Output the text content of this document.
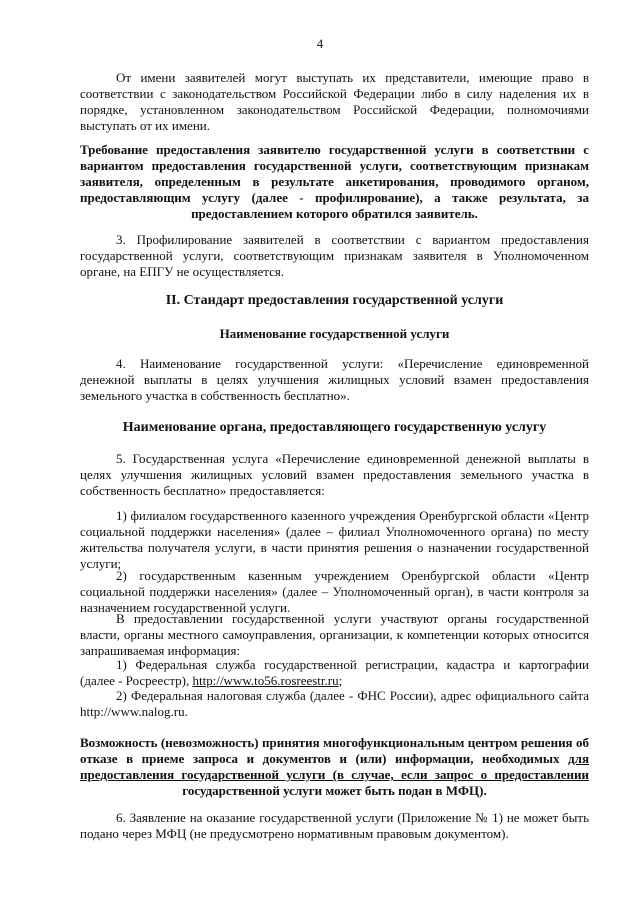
4

От имени заявителей могут выступать их представители, имеющие право в соответствии с законодательством Российской Федерации либо в силу наделения их в порядке, установленном законодательством Российской Федерации, полномочиями выступать от их имени.

Требование предоставления заявителю государственной услуги в соответствии с вариантом предоставления государственной услуги, соответствующим признакам заявителя, определенным в результате анкетирования, проводимого органом, предоставляющим услугу (далее - профилирование), а также результата, за предоставлением которого обратился заявитель.

3. Профилирование заявителей в соответствии с вариантом предоставления государственной услуги, соответствующим признакам заявителя в Уполномоченном органе, на ЕПГУ не осуществляется.

II. Стандарт предоставления государственной услуги

Наименование государственной услуги

4. Наименование государственной услуги: «Перечисление единовременной денежной выплаты в целях улучшения жилищных условий взамен предоставления земельного участка в собственность бесплатно».

Наименование органа, предоставляющего государственную услугу

5. Государственная услуга «Перечисление единовременной денежной выплаты в целях улучшения жилищных условий взамен предоставления земельного участка в собственность бесплатно» предоставляется:

1) филиалом государственного казенного учреждения Оренбургской области «Центр социальной поддержки населения» (далее – филиал Уполномоченного органа) по месту жительства получателя услуги, в части принятия решения о назначении государственной услуги;

2) государственным казенным учреждением Оренбургской области «Центр социальной поддержки населения» (далее – Уполномоченный орган), в части контроля за назначением государственной услуги.

В предоставлении государственной услуги участвуют органы государственной власти, органы местного самоуправления, организации, к компетенции которых относится запрашиваемая информация:

1) Федеральная служба государственной регистрации, кадастра и картографии (далее - Росреестр), http://www.to56.rosreestr.ru;

2) Федеральная налоговая служба (далее - ФНС России), адрес официального сайта http://www.nalog.ru.

Возможность (невозможность) принятия многофункциональным центром решения об отказе в приеме запроса и документов и (или) информации, необходимых для предоставления государственной услуги (в случае, если запрос о предоставлении государственной услуги может быть подан в МФЦ).

6. Заявление на оказание государственной услуги (Приложение № 1) не может быть подано через МФЦ (не предусмотрено нормативным правовым документом).
